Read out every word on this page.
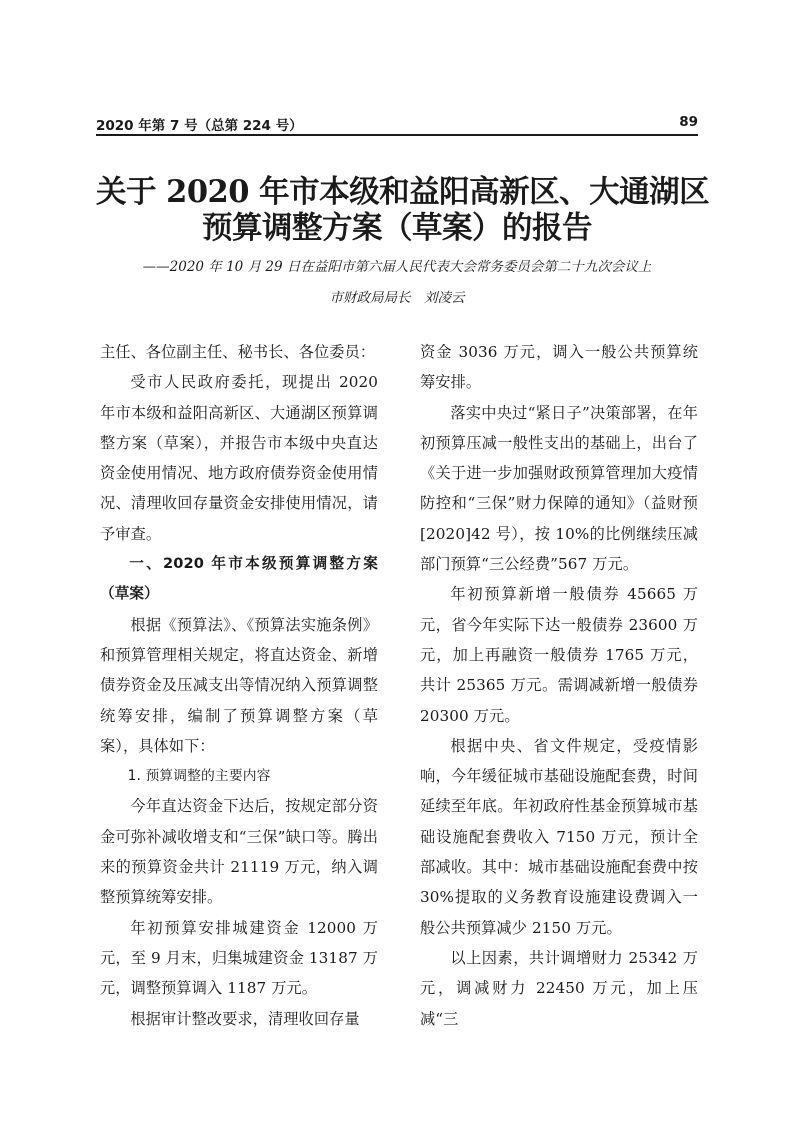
2020 年第 7 号（总第 224 号）	89
关于 2020 年市本级和益阳高新区、大通湖区
预算调整方案（草案）的报告
——2020 年 10 月 29 日在益阳市第六届人民代表大会常务委员会第二十九次会议上
市财政局局长　刘凌云

主任、各位副主任、秘书长、各位委员：

受市人民政府委托，现提出 2020 年市本级和益阳高新区、大通湖区预算调整方案（草案），并报告市本级中央直达资金使用情况、地方政府债券资金使用情况、清理收回存量资金安排使用情况，请予审查。

一、2020 年市本级预算调整方案（草案）

根据《预算法》、《预算法实施条例》和预算管理相关规定，将直达资金、新增债券资金及压减支出等情况纳入预算调整统筹安排，编制了预算调整方案（草案），具体如下：

1. 预算调整的主要内容

今年直达资金下达后，按规定部分资金可弥补减收增支和“三保”缺口等。腾出来的预算资金共计 21119 万元，纳入调整预算统筹安排。

年初预算安排城建资金 12000 万元，至 9 月末，归集城建资金 13187 万元，调整预算调入 1187 万元。

根据审计整改要求，清理收回存量

资金 3036 万元，调入一般公共预算统筹安排。

落实中央过“紧日子”决策部署，在年初预算压减一般性支出的基础上，出台了《关于进一步加强财政预算管理加大疫情防控和“三保”财力保障的通知》（益财预[2020]42 号），按 10%的比例继续压减部门预算“三公经费”567 万元。

年初预算新增一般债券 45665 万元，省今年实际下达一般债券 23600 万元，加上再融资一般债券 1765 万元，共计 25365 万元。需调减新增一般债券 20300 万元。

根据中央、省文件规定，受疫情影响，今年缓征城市基础设施配套费，时间延续至年底。年初政府性基金预算城市基础设施配套费收入 7150 万元，预计全部减收。其中：城市基础设施配套费中按 30%提取的义务教育设施建设费调入一般公共预算减少 2150 万元。

以上因素，共计调增财力 25342 万元，调减财力 22450 万元，加上压减“三
